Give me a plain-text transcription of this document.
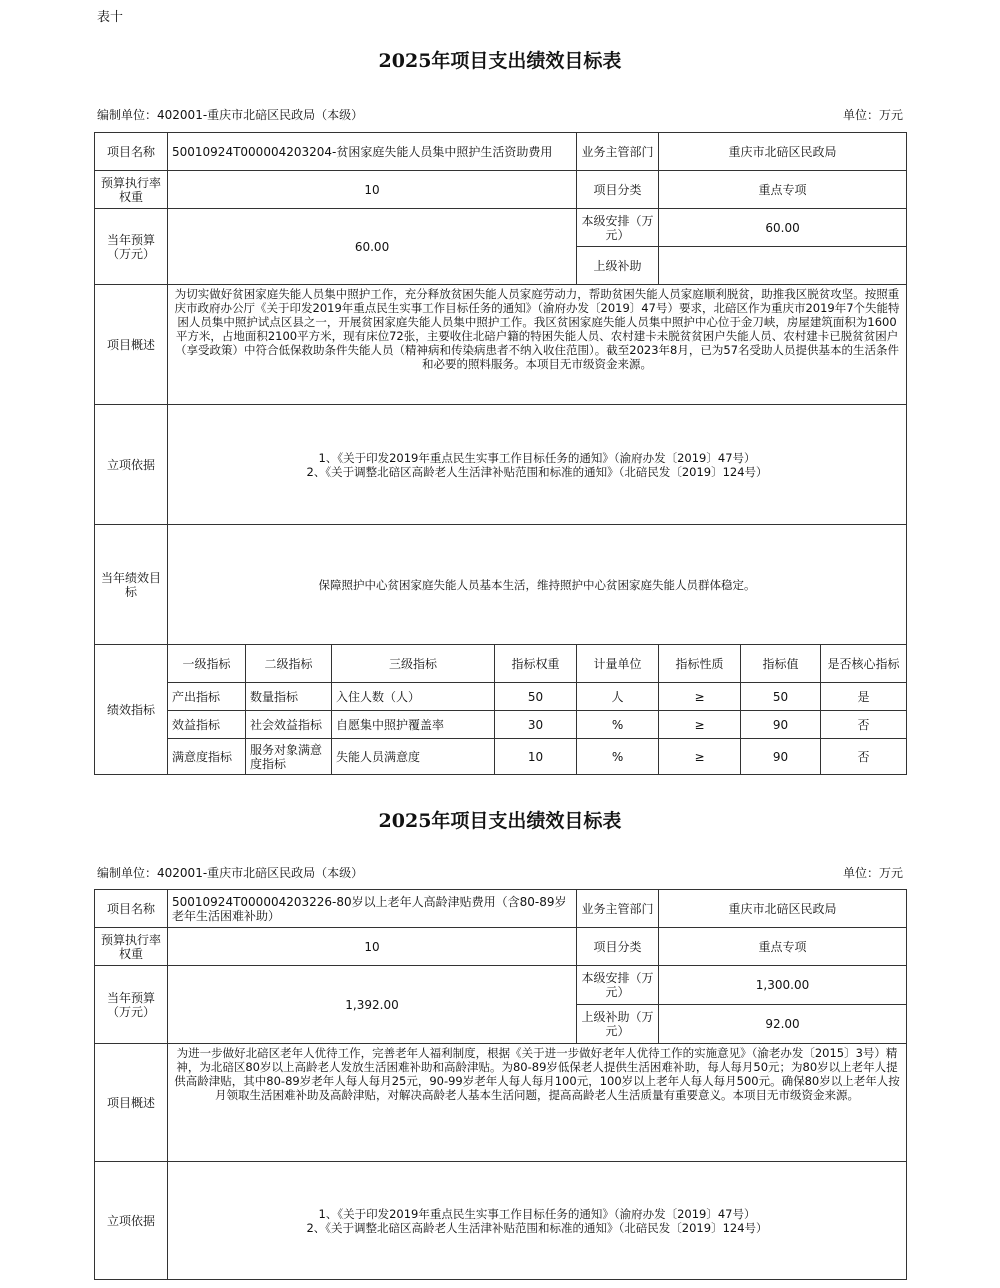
表十
2025年项目支出绩效目标表
编制单位：402001-重庆市北碚区民政局（本级）	单位：万元
项目名称	50010924T000004203204-贫困家庭失能人员集中照护生活资助费用				业务主管部门	重庆市北碚区民政局		
预算执行率权重	10				项目分类	重点专项		
当年预算（万元）	60.00				本级安排（万元）	60.00		
					上级补助			
项目概述	为切实做好贫困家庭失能人员集中照护工作，充分释放贫困失能人员家庭劳动力，帮助贫困失能人员家庭顺利脱贫，助推我区脱贫攻坚。按照重庆市政府办公厅《关于印发2019年重点民生实事工作目标任务的通知》（渝府办发〔2019〕47号）要求，北碚区作为重庆市2019年7个失能特困人员集中照护试点区县之一，开展贫困家庭失能人员集中照护工作。我区贫困家庭失能人员集中照护中心位于金刀峡，房屋建筑面积为1600平方米，占地面积2100平方米，现有床位72张，主要收住北碚户籍的特困失能人员、农村建卡未脱贫贫困户失能人员、农村建卡已脱贫贫困户（享受政策）中符合低保救助条件失能人员（精神病和传染病患者不纳入收住范围）。截至2023年8月，已为57名受助人员提供基本的生活条件和必要的照料服务。本项目无市级资金来源。							
立项依据	1、《关于印发2019年重点民生实事工作目标任务的通知》（渝府办发〔2019〕47号）
2、《关于调整北碚区高龄老人生活津补贴范围和标准的通知》（北碚民发〔2019〕124号）							

当年绩效目标	保障照护中心贫困家庭失能人员基本生活，维持照护中心贫困家庭失能人员群体稳定。							
绩效指标	一级指标	二级指标	三级指标	指标权重	计量单位	指标性质	指标值	是否核心指标
	产出指标	数量指标	入住人数（人）	50	人	≥	50	是
	效益指标	社会效益指标	自愿集中照护覆盖率	30	%	≥	90	否
	满意度指标	服务对象满意度指标	失能人员满意度	10	%	≥	90	否
2025年项目支出绩效目标表
编制单位：402001-重庆市北碚区民政局（本级）	单位：万元
项目名称	50010924T000004203226-80岁以上老年人高龄津贴费用（含80-89岁老年生活困难补助）	业务主管部门	重庆市北碚区民政局
预算执行率权重	10	项目分类	重点专项
当年预算（万元）	1,392.00	本级安排（万元）	1,300.00
		上级补助（万元）	92.00
项目概述	为进一步做好北碚区老年人优待工作，完善老年人福利制度，根据《关于进一步做好老年人优待工作的实施意见》（渝老办发〔2015〕3号）精神，为北碚区80岁以上高龄老人发放生活困难补助和高龄津贴。为80-89岁低保老人提供生活困难补助，每人每月50元；为80岁以上老年人提供高龄津贴，其中80-89岁老年人每人每月25元，90-99岁老年人每人每月100元，100岁以上老年人每人每月500元。确保80岁以上老年人按月领取生活困难补助及高龄津贴，对解决高龄老人基本生活问题，提高高龄老人生活质量有重要意义。本项目无市级资金来源。		
立项依据	1、《关于印发2019年重点民生实事工作目标任务的通知》（渝府办发〔2019〕47号）
2、《关于调整北碚区高龄老人生活津补贴范围和标准的通知》（北碚民发〔2019〕124号）		
